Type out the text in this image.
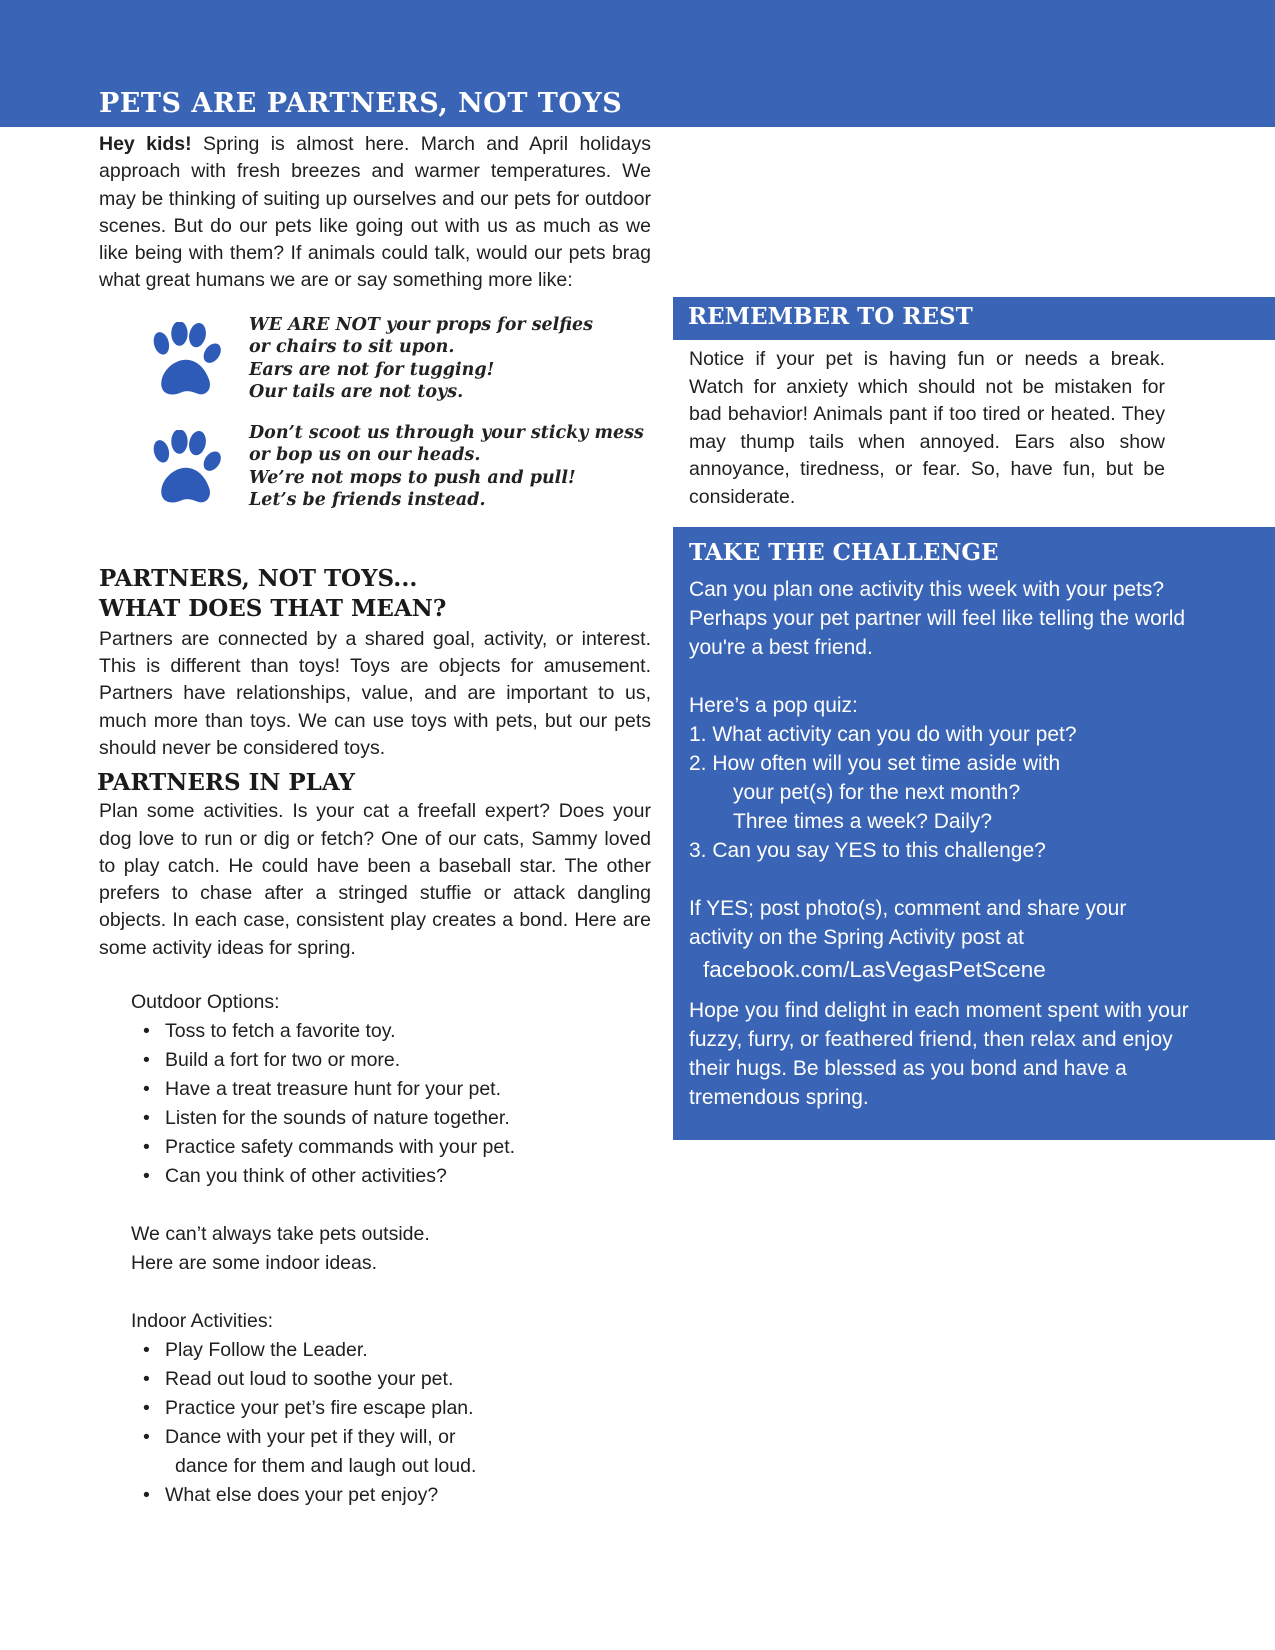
PETS ARE PARTNERS, NOT TOYS

Hey kids! Spring is almost here. March and April holidays approach with fresh breezes and warmer temperatures. We may be thinking of suiting up ourselves and our pets for outdoor scenes. But do our pets like going out with us as much as we like being with them? If animals could talk, would our pets brag what great humans we are or say something more like:

WE ARE NOT your props for selfies
or chairs to sit upon.
Ears are not for tugging!
Our tails are not toys.
Don’t scoot us through your sticky mess
or bop us on our heads.
We’re not mops to push and pull!
Let’s be friends instead.
PARTNERS, NOT TOYS...
WHAT DOES THAT MEAN?

Partners are connected by a shared goal, activity, or interest. This is different than toys! Toys are objects for amusement. Partners have relationships, value, and are important to us, much more than toys. We can use toys with pets, but our pets should never be considered toys.

PARTNERS IN PLAY

Plan some activities. Is your cat a freefall expert? Does your dog love to run or dig or fetch? One of our cats, Sammy loved to play catch. He could have been a baseball star. The other prefers to chase after a stringed stuffie or attack dangling objects. In each case, consistent play creates a bond. Here are some activity ideas for spring.

Outdoor Options:
• Toss to fetch a favorite toy.
• Build a fort for two or more.
• Have a treat treasure hunt for your pet.
• Listen for the sounds of nature together.
• Practice safety commands with your pet.
• Can you think of other activities?
We can’t always take pets outside.
Here are some indoor ideas.
Indoor Activities:
• Play Follow the Leader.
• Read out loud to soothe your pet.
• Practice your pet’s fire escape plan.
• Dance with your pet if they will, or
dance for them and laugh out loud.
• What else does your pet enjoy?
REMEMBER TO REST

Notice if your pet is having fun or needs a break. Watch for anxiety which should not be mistaken for bad behavior! Animals pant if too tired or heated. They may thump tails when annoyed. Ears also show annoyance, tiredness, or fear. So, have fun, but be considerate.

TAKE THE CHALLENGE

Can you plan one activity this week with your pets? Perhaps your pet partner will feel like telling the world you're a best friend.

Here’s a pop quiz:

1. What activity can you do with your pet?
2. How often will you set time aside with
your pet(s) for the next month?
Three times a week? Daily?
3. Can you say YES to this challenge?

If YES; post photo(s), comment and share your activity on the Spring Activity post at

facebook.com/LasVegasPetScene

Hope you find delight in each moment spent with your fuzzy, furry, or feathered friend, then relax and enjoy their hugs. Be blessed as you bond and have a tremendous spring.
